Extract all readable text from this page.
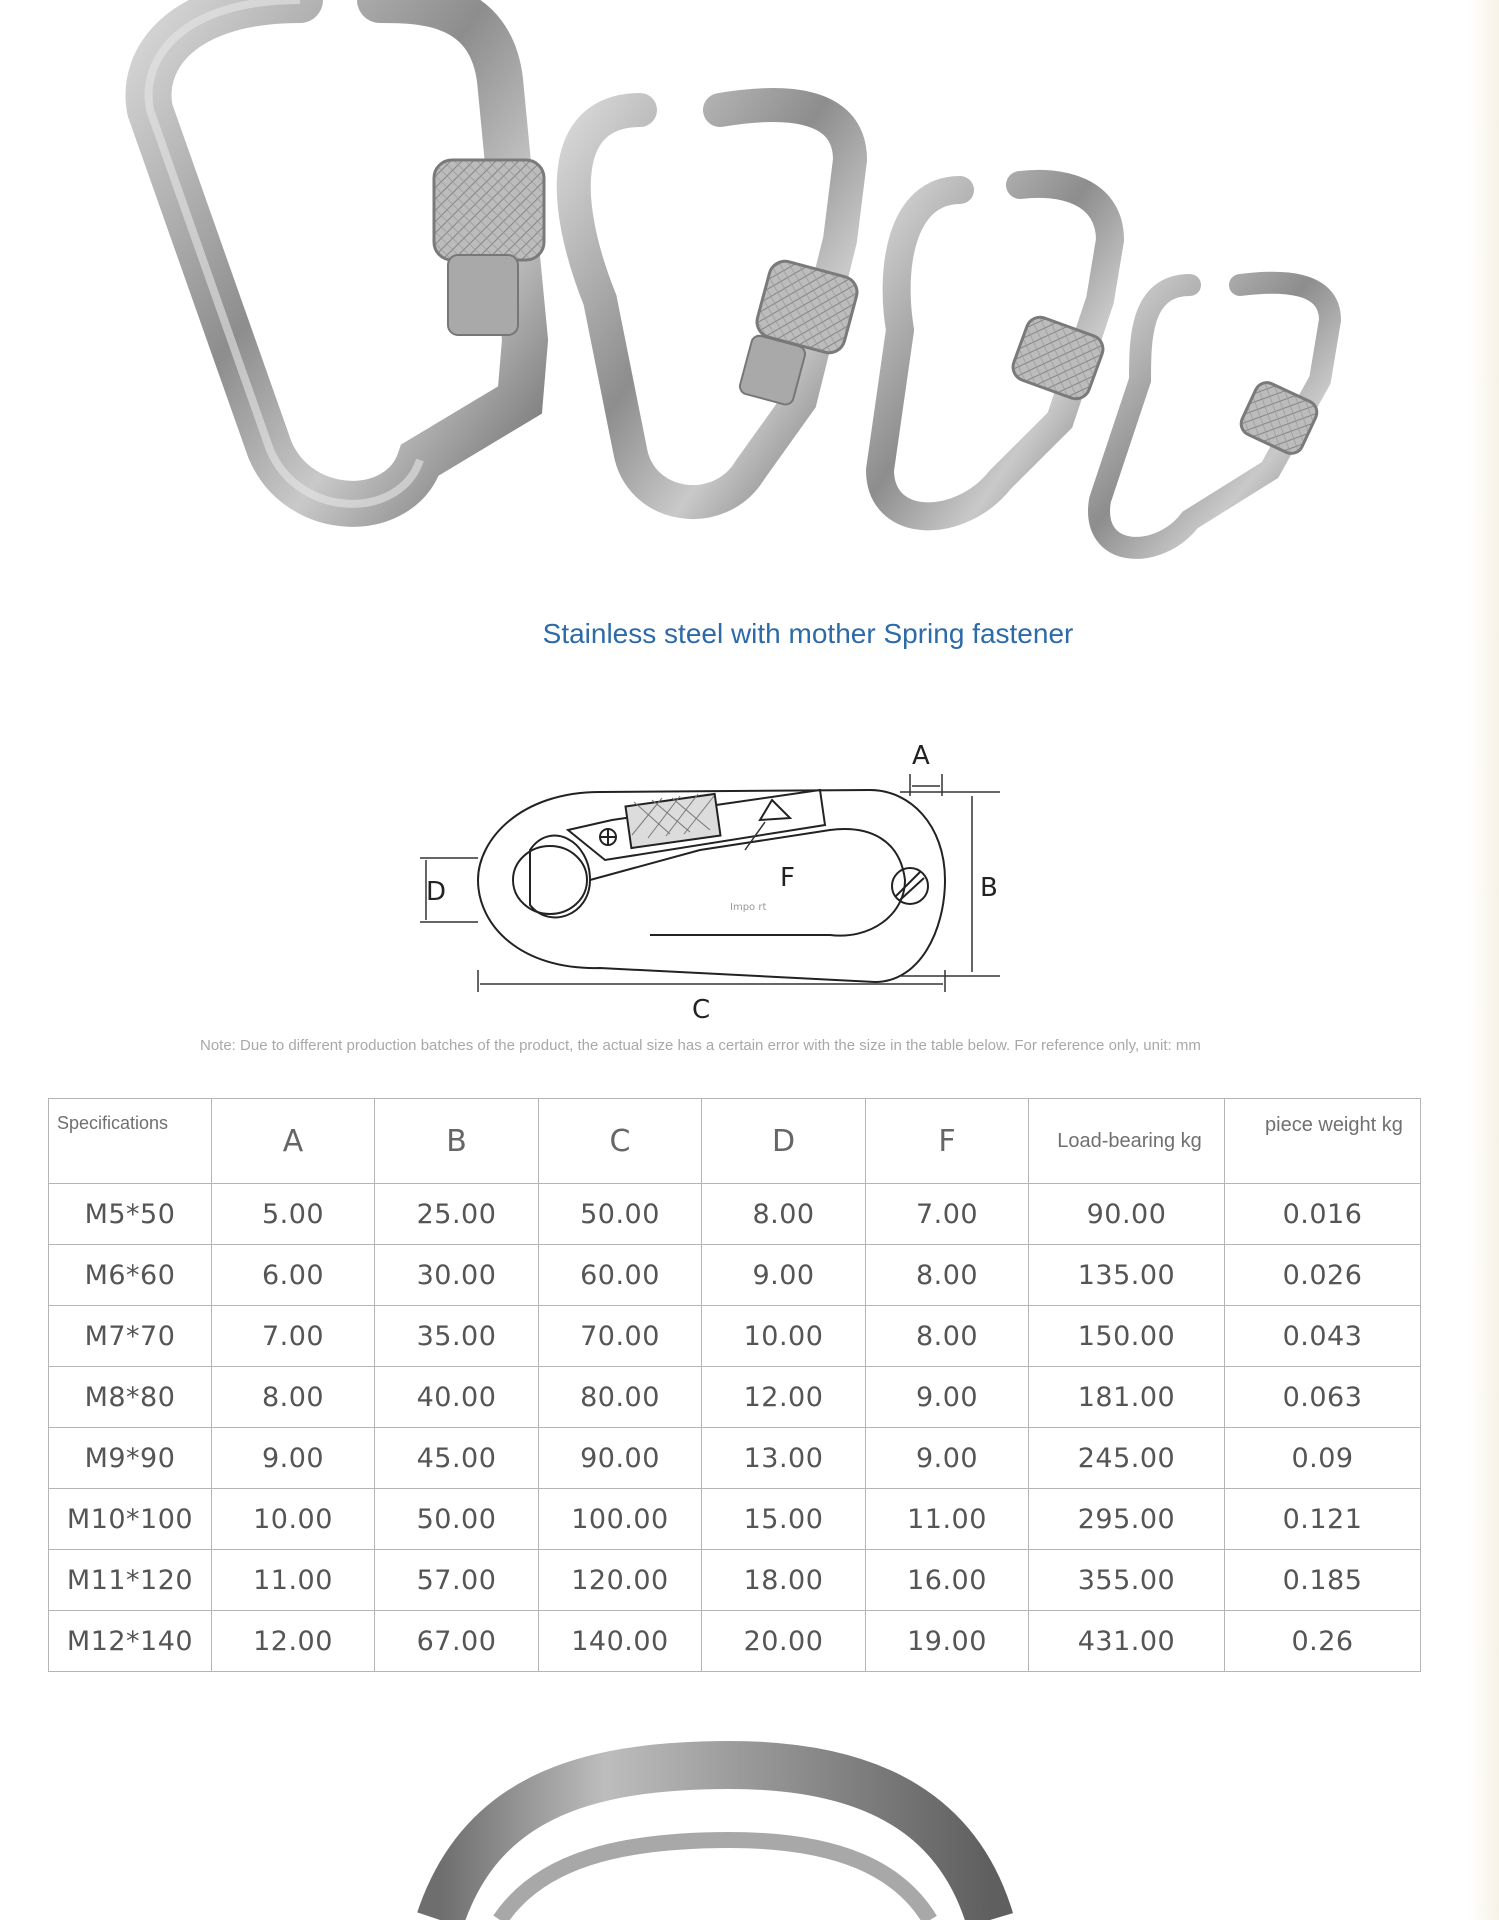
Stainless steel with mother Spring fastener
D
C
B
A
F
Impo rt
Note: Due to different production batches of the product, the actual size has a certain error with the size in the table below. For reference only, unit: mm
Specifications	A	B	C	D	F	Load-bearing kg	piece weight kg
M5*50	5.00	25.00	50.00	8.00	7.00	90.00	0.016
M6*60	6.00	30.00	60.00	9.00	8.00	135.00	0.026
M7*70	7.00	35.00	70.00	10.00	8.00	150.00	0.043
M8*80	8.00	40.00	80.00	12.00	9.00	181.00	0.063
M9*90	9.00	45.00	90.00	13.00	9.00	245.00	0.09
M10*100	10.00	50.00	100.00	15.00	11.00	295.00	0.121
M11*120	11.00	57.00	120.00	18.00	16.00	355.00	0.185
M12*140	12.00	67.00	140.00	20.00	19.00	431.00	0.26
